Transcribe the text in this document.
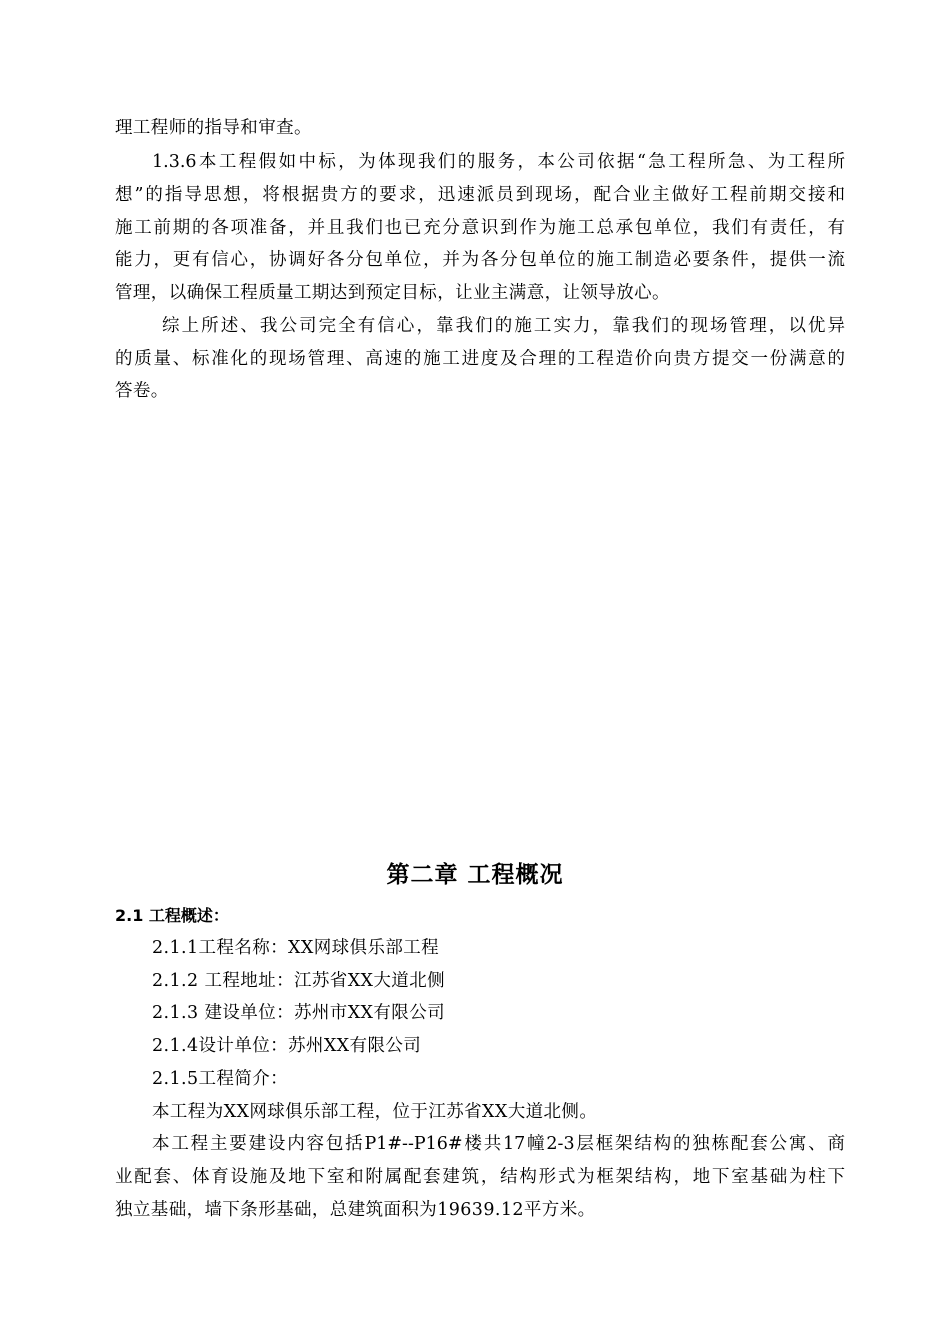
理工程师的指导和审查。
1.3.6本工程假如中标，为体现我们的服务，本公司依据“急工程所急、为工程所
想”的指导思想，将根据贵方的要求，迅速派员到现场，配合业主做好工程前期交接和
施工前期的各项准备，并且我们也已充分意识到作为施工总承包单位，我们有责任，有
能力，更有信心，协调好各分包单位，并为各分包单位的施工制造必要条件，提供一流
管理，以确保工程质量工期达到预定目标，让业主满意，让领导放心。
综上所述、我公司完全有信心，靠我们的施工实力，靠我们的现场管理，以优异
的质量、标准化的现场管理、高速的施工进度及合理的工程造价向贵方提交一份满意的
答卷。
第二章 工程概况
2.1 工程概述：
2.1.1工程名称：XX网球俱乐部工程
2.1.2 工程地址：江苏省XX大道北侧
2.1.3 建设单位：苏州市XX有限公司
2.1.4设计单位：苏州XX有限公司
2.1.5工程简介：
本工程为XX网球俱乐部工程，位于江苏省XX大道北侧。
本工程主要建设内容包括P1#--P16#楼共17幢2-3层框架结构的独栋配套公寓、商
业配套、体育设施及地下室和附属配套建筑，结构形式为框架结构，地下室基础为柱下
独立基础，墙下条形基础，总建筑面积为19639.12平方米。
